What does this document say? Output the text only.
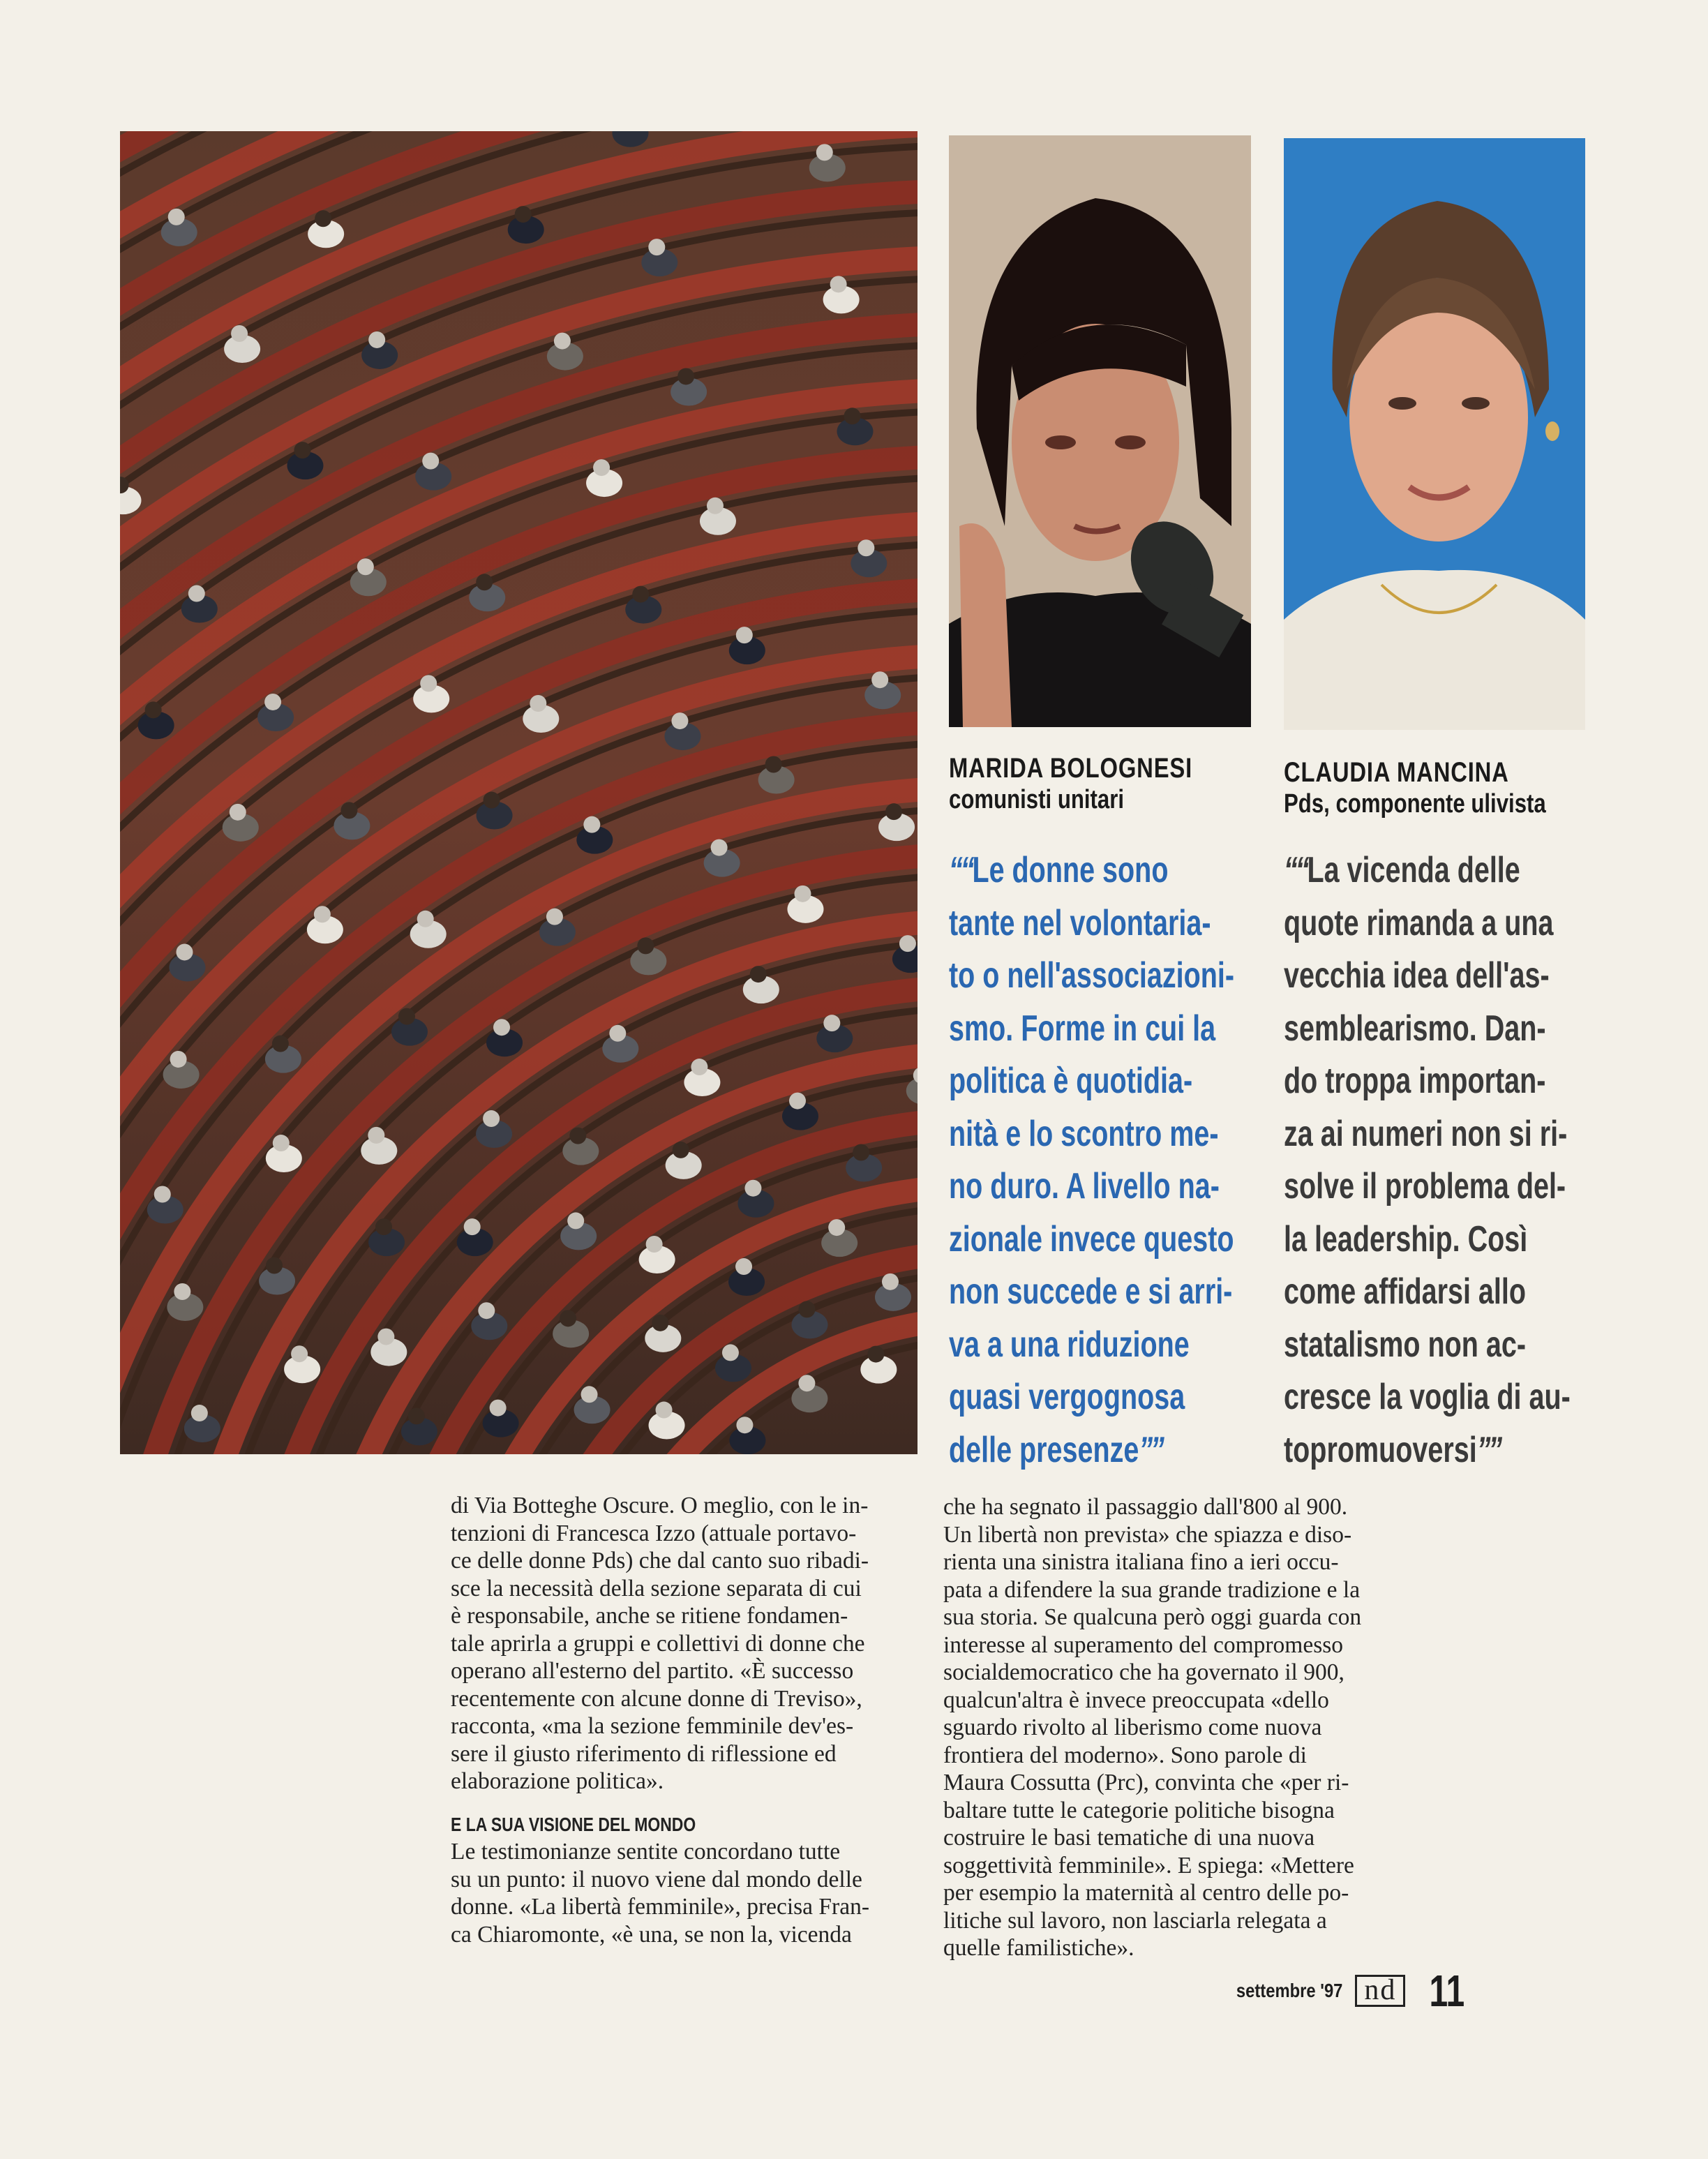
MARIDA BOLOGNESI
comunisti unitari
CLAUDIA MANCINA
Pds, componente ulivista
““Le donne sono
tante nel volontaria-
to o nell'associazioni-
smo. Forme in cui la
politica è quotidia-
nità e lo scontro me-
no duro. A livello na-
zionale invece questo
non succede e si arri-
va a una riduzione
quasi vergognosa
delle presenze””
““La vicenda delle
quote rimanda a una
vecchia idea dell'as-
semblearismo. Dan-
do troppa importan-
za ai numeri non si ri-
solve il problema del-
la leadership. Così
come affidarsi allo
statalismo non ac-
cresce la voglia di au-
topromuoversi””
di Via Botteghe Oscure. O meglio, con le in-
tenzioni di Francesca Izzo (attuale portavo-
ce delle donne Pds) che dal canto suo ribadi-
sce la necessità della sezione separata di cui
è responsabile, anche se ritiene fondamen-
tale aprirla a gruppi e collettivi di donne che
operano all'esterno del partito. «È successo
recentemente con alcune donne di Treviso»,
racconta, «ma la sezione femminile dev'es-
sere il giusto riferimento di riflessione ed
elaborazione politica».
E LA SUA VISIONE DEL MONDO
Le testimonianze sentite concordano tutte
su un punto: il nuovo viene dal mondo delle
donne. «La libertà femminile», precisa Fran-
ca Chiaromonte, «è una, se non la, vicenda
che ha segnato il passaggio dall'800 al 900.
Un libertà non prevista» che spiazza e diso-
rienta una sinistra italiana fino a ieri occu-
pata a difendere la sua grande tradizione e la
sua storia. Se qualcuna però oggi guarda con
interesse al superamento del compromesso
socialdemocratico che ha governato il 900,
qualcun'altra è invece preoccupata «dello
sguardo rivolto al liberismo come nuova
frontiera del moderno». Sono parole di
Maura Cossutta (Prc), convinta che «per ri-
baltare tutte le categorie politiche bisogna
costruire le basi tematiche di una nuova
soggettività femminile». E spiega: «Mettere
per esempio la maternità al centro delle po-
litiche sul lavoro, non lasciarla relegata a
quelle familistiche».
settembre '97 nd 11
